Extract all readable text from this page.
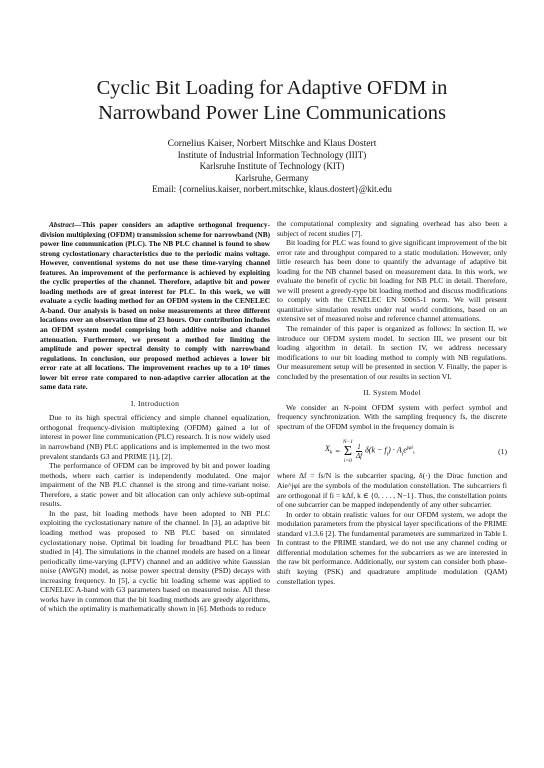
Cyclic Bit Loading for Adaptive OFDM in
Narrowband Power Line Communications
Cornelius Kaiser, Norbert Mitschke and Klaus Dostert
Institute of Industrial Information Technology (IIIT)
Karlsruhe Institute of Technology (KIT)
Karlsruhe, Germany
Email: {cornelius.kaiser, norbert.mitschke, klaus.dostert}@kit.edu

Abstract—This paper considers an adaptive orthogonal frequency-division multiplexing (OFDM) transmission scheme for narrowband (NB) power line communication (PLC). The NB PLC channel is found to show strong cyclostationary characteristics due to the periodic mains voltage. However, conventional systems do not use these time-varying channel features. An improvement of the performance is achieved by exploiting the cyclic properties of the channel. Therefore, adaptive bit and power loading methods are of great interest for PLC. In this work, we will evaluate a cyclic loading method for an OFDM system in the CENELEC A-band. Our analysis is based on noise measurements at three different locations over an observation time of 23 hours. Our contribution includes an OFDM system model comprising both additive noise and channel attenuation. Furthermore, we present a method for limiting the amplitude and power spectral density to comply with narrowband regulations. In conclusion, our proposed method achieves a lower bit error rate at all locations. The improvement reaches up to a 10² times lower bit error rate compared to non-adaptive carrier allocation at the same data rate.

I. Introduction

Due to its high spectral efficiency and simple channel equalization, orthogonal frequency-division multiplexing (OFDM) gained a lot of interest in power line communication (PLC) research. It is now widely used in narrowband (NB) PLC applications and is implemented in the two most prevalent standards G3 and PRIME [1], [2].

The performance of OFDM can be improved by bit and power loading methods, where each carrier is independently modulated. One major impairment of the NB PLC channel is the strong and time-variant noise. Therefore, a static power and bit allocation can only achieve sub-optimal results.

In the past, bit loading methods have been adopted to NB PLC exploiting the cyclostationary nature of the channel. In [3], an adaptive bit loading method was proposed to NB PLC based on simulated cyclostationary noise. Optimal bit loading for broadband PLC has been studied in [4]. The simulations in the channel models are based on a linear periodically time-varying (LPTV) channel and an additive white Gaussian noise (AWGN) model, as noise power spectral density (PSD) decays with increasing frequency. In [5], a cyclic bit loading scheme was applied to CENELEC A-band with G3 parameters based on measured noise. All these works have in common that the bit loading methods are greedy algorithms, of which the optimality is mathematically shown in [6]. Methods to reduce

the computational complexity and signaling overhead has also been a subject of recent studies [7].

Bit loading for PLC was found to give significant improvement of the bit error rate and throughput compared to a static modulation. However, only little research has been done to quantify the advantage of adaptive bit loading for the NB channel based on measurement data. In this work, we evaluate the benefit of cyclic bit loading for NB PLC in detail. Therefore, we will present a greedy-type bit loading method and discuss modifications to comply with the CENELEC EN 50065-1 norm. We will present quantitative simulation results under real world conditions, based on an extensive set of measured noise and reference channel attenuations.

The remainder of this paper is organized as follows: In section II, we introduce our OFDM system model. In section III, we present our bit loading algorithm in detail. In section IV, we address necessary modifications to our bit loading method to comply with NB regulations. Our measurement setup will be presented in section V. Finally, the paper is concluded by the presentation of our results in section VI.

II. System Model

We consider an N-point OFDM system with perfect symbol and frequency synchronization. With the sampling frequency fs, the discrete spectrum of the OFDM symbol in the frequency domain is

$X_k$ =
N−1
Σ
i=0
$\frac{1}{\Delta f} \delta(k - f_i) \cdot A_ie^{j\varphi i}$,	(1)

where Δf = fs/N is the subcarrier spacing, δ(·) the Dirac function and Aie^jφi are the symbols of the modulation constellation. The subcarriers fi are orthogonal if fi = kΔf, k ∈ {0, . . . , N−1}. Thus, the constellation points of one subcarrier can be mapped independently of any other subcarrier.

In order to obtain realistic values for our OFDM system, we adopt the modulation parameters from the physical layer specifications of the PRIME standard v1.3.6 [2]. The fundamental parameters are summarized in Table I. In contrast to the PRIME standard, we do not use any channel coding or differential modulation schemes for the subcarriers as we are interested in the raw bit performance. Additionally, our system can consider both phase-shift keying (PSK) and quadrature amplitude modulation (QAM) constellation types.
